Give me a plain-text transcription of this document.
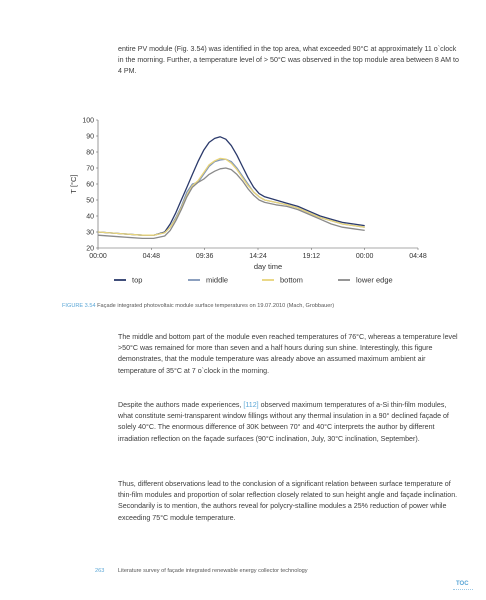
entire PV module (Fig. 3.54) was identified in the top area, what exceeded 90°C at approximately 11 o`clock in the morning. Further, a temperature level of > 50°C was observed in the top module area between 8 AM to 4 PM.

20
30
40
50
60
70
80
90
100
00:00	04:48	09:36	14:24	19:12	00:00	04:48
T [°C]
day time
top	middle	bottom	lower edge
FIGURE 3.54 Façade integrated photovoltaic module surface temperatures on 19.07.2010 (Mach, Grobbauer)

The middle and bottom part of the module even reached temperatures of 76°C, whereas a temperature level >50°C was remained for more than seven and a half hours during sun shine. Interestingly, this figure demonstrates, that the module temperature was already above an assumed maximum ambient air temperature of 35°C at 7 o`clock in the morning.

Despite the authors made experiences, [112] observed maximum temperatures of a-Si thin-film modules, what constitute semi-transparent window fillings without any thermal insulation in a 90° declined façade of solely 40°C. The enormous difference of 30K between 70° and 40°C interprets the author by different irradiation reflection on the façade surfaces (90°C inclination, July, 30°C inclination, September).

Thus, different observations lead to the conclusion of a significant relation between surface temperature of thin-film modules and proportion of solar reflection closely related to sun height angle and façade inclination. Secondarily is to mention, the authors reveal for polycry-stalline modules a 25% reduction of power while exceeding 75°C module temperature.

263 Literature survey of façade integrated renewable energy collector technology
TOC
